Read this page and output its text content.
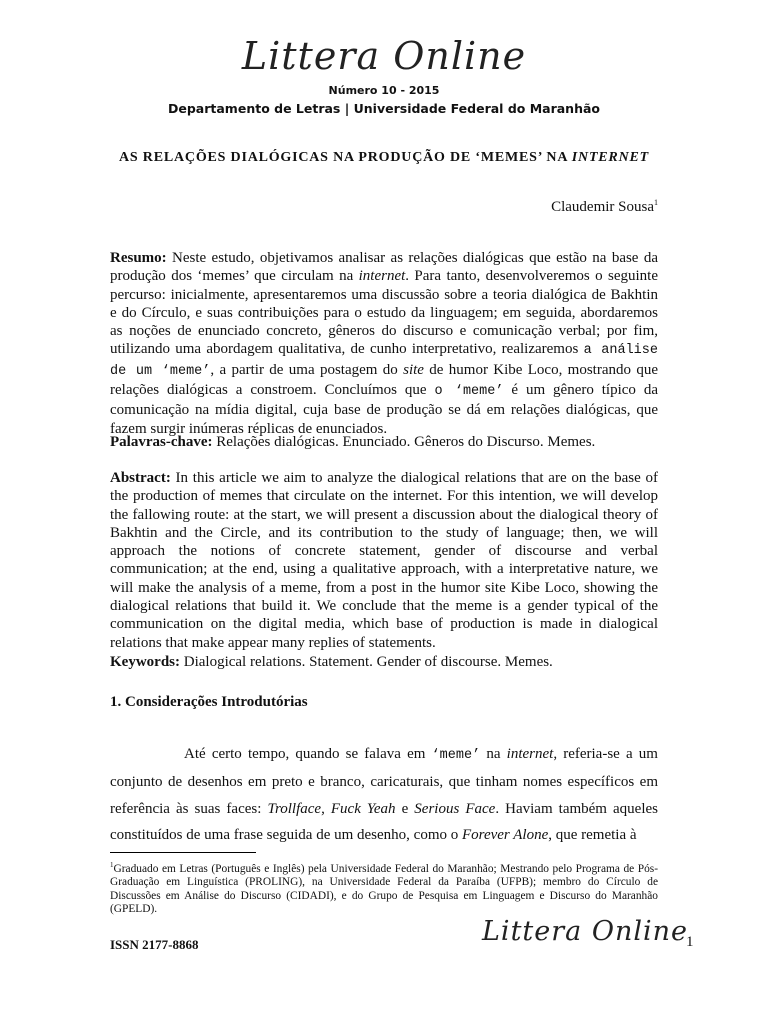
Littera Online
Número 10 - 2015
Departamento de Letras | Universidade Federal do Maranhão
AS RELAÇÕES DIALÓGICAS NA PRODUÇÃO DE ‘MEMES’ NA INTERNET
Claudemir Sousa$^1$
Resumo: Neste estudo, objetivamos analisar as relações dialógicas que estão na base da produção dos ‘memes’ que circulam na internet. Para tanto, desenvolveremos o seguinte percurso: inicialmente, apresentaremos uma discussão sobre a teoria dialógica de Bakhtin e do Círculo, e suas contribuições para o estudo da linguagem; em seguida, abordaremos as noções de enunciado concreto, gêneros do discurso e comunicação verbal; por fim, utilizando uma abordagem qualitativa, de cunho interpretativo, realizaremos a análise de um ‘meme’, a partir de uma postagem do site de humor Kibe Loco, mostrando que relações dialógicas a constroem. Concluímos que o ‘meme’ é um gênero típico da comunicação na mídia digital, cuja base de produção se dá em relações dialógicas, que fazem surgir inúmeras réplicas de enunciados.
Palavras-chave: Relações dialógicas. Enunciado. Gêneros do Discurso. Memes.
Abstract: In this article we aim to analyze the dialogical relations that are on the base of the production of memes that circulate on the internet. For this intention, we will develop the fallowing route: at the start, we will present a discussion about the dialogical theory of Bakhtin and the Circle, and its contribution to the study of language; then, we will approach the notions of concrete statement, gender of discourse and verbal communication; at the end, using a qualitative approach, with a interpretative nature, we will make the analysis of a meme, from a post in the humor site Kibe Loco, showing the dialogical relations that build it. We conclude that the meme is a gender typical of the communication on the digital media, which base of production is made in dialogical relations that make appear many replies of statements.
Keywords: Dialogical relations. Statement. Gender of discourse. Memes.
1. Considerações Introdutórias
Até certo tempo, quando se falava em ‘meme’ na internet, referia-se a um conjunto de desenhos em preto e branco, caricaturais, que tinham nomes específicos em referência às suas faces: Trollface, Fuck Yeah e Serious Face. Haviam também aqueles constituídos de uma frase seguida de um desenho, como o Forever Alone, que remetia à
$^1$Graduado em Letras (Português e Inglês) pela Universidade Federal do Maranhão; Mestrando pelo Programa de Pós-Graduação em Linguística (PROLING), na Universidade Federal da Paraíba (UFPB); membro do Círculo de Discussões em Análise do Discurso (CIDADI), e do Grupo de Pesquisa em Linguagem e Discurso do Maranhão (GPELD).
ISSN 2177-8868	Littera Online
1
